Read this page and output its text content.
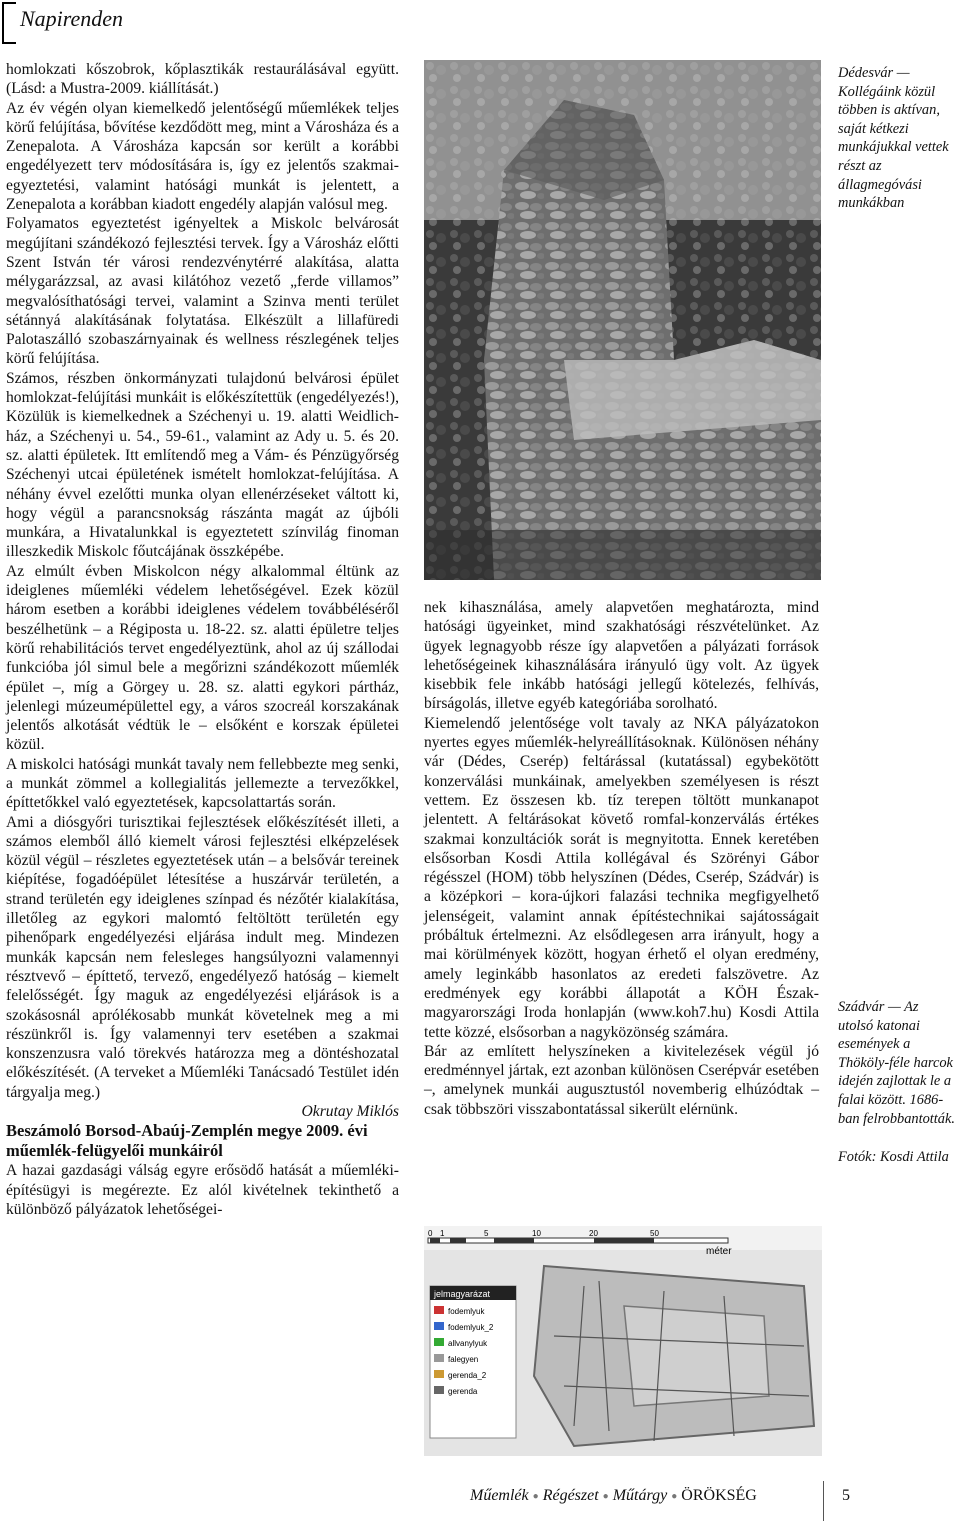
Napirenden

homlokzati kőszobrok, kőplasztikák restaurálásával együtt. (Lásd: a Mustra-2009. kiállítását.)

Az év végén olyan kiemelkedő jelentőségű műemlékek teljes körű felújítása, bővítése kezdődött meg, mint a Városháza és a Zenepalota. A Városháza kapcsán sor került a korábbi engedélyezett terv módosítására is, így ez jelentős szakmai-egyeztetési, valamint hatósági munkát is jelentett, a Zenepalota a korábban kiadott engedély alapján valósul meg.

Folyamatos egyeztetést igényeltek a Miskolc belvárosát megújítani szándékozó fejlesztési tervek. Így a Városház előtti Szent István tér városi rendezvénytérré alakítása, alatta mélygarázzsal, az avasi kilátóhoz vezető „ferde villamos” megvalósíthatósági tervei, valamint a Szinva menti terület sétánnyá alakításának folytatása. Elkészült a lillafüredi Palotaszálló szobaszárnyainak és wellness részlegének teljes körű felújítása.

Számos, részben önkormányzati tulajdonú belvárosi épület homlokzat-felújítási munkáit is előkészítettük (engedélyezés!), Közülük is kiemelkednek a Széchenyi u. 19. alatti Weidlich-ház, a Széchenyi u. 54., 59-61., valamint az Ady u. 5. és 20. sz. alatti épületek. Itt említendő meg a Vám- és Pénzügyőrség Széchenyi utcai épületének ismételt homlokzat-felújítása. A néhány évvel ezelőtti munka olyan ellenérzéseket váltott ki, hogy végül a parancsnokság rászánta magát az újbóli munkára, a Hivatalunkkal is egyeztetett színvilág finoman illeszkedik Miskolc főutcájának összképébe.

Az elmúlt évben Miskolcon négy alkalommal éltünk az ideiglenes műemléki védelem lehetőségével. Ezek közül három esetben a korábbi ideiglenes védelem továbbéléséről beszélhetünk – a Régiposta u. 18-22. sz. alatti épületre teljes körű rehabilitációs tervet engedélyeztünk, ahol az új szállodai funkcióba jól simul bele a megőrizni szándékozott műemlék épület –, míg a Görgey u. 28. sz. alatti egykori pártház, jelenlegi múzeumépülettel egy, a város szocreál korszakának jelentős alkotását védtük le – elsőként e korszak épületei közül.

A miskolci hatósági munkát tavaly nem fellebbezte meg senki, a munkát zömmel a kollegialitás jellemezte a tervezőkkel, építtetőkkel való egyeztetések, kapcsolattartás során.

Ami a diósgyőri turisztikai fejlesztések előkészítését illeti, a számos elemből álló kiemelt városi fejlesztési elképzelések közül végül – részletes egyeztetések után – a belsővár tereinek kiépítése, fogadóépület létesítése a huszárvár területén, a strand területén egy ideiglenes színpad és nézőtér kialakítása, illetőleg az egykori malomtó feltöltött területén egy pihenőpark engedélyezési eljárása indult meg. Mindezen munkák kapcsán nem felesleges hangsúlyozni valamennyi résztvevő – építtető, tervező, engedélyező hatóság – kiemelt felelősségét. Így maguk az engedélyezési eljárások is a szokásosnál aprólékosabb munkát követelnek meg a mi részünkről is. Így valamennyi terv esetében a szakmai konszenzusra való törekvés határozza meg a döntéshozatal előkészítését. (A terveket a Műemléki Tanácsadó Testület idén tárgyalja meg.)

Okrutay Miklós

Beszámoló Borsod-Abaúj-Zemplén megye 2009. évi műemlék-felügyelői munkáiról

A hazai gazdasági válság egyre erősödő hatását a műemléki-építésügyi is megérezte. Ez alól kivételnek tekinthető a különböző pályázatok lehetőségei-

Dédesvár — Kollégáink közül többen is aktívan, saját kétkezi munkájukkal vettek részt az állagmegóvási munkákban
Szádvár — Az utolsó katonai események a Thököly-féle harcok idején zajlottak le a falai között. 1686-ban felrobbantották.
Fotók: Kosdi Attila

nek kihasználása, amely alapvetően meghatározta, mind hatósági ügyeinket, mind szakhatósági részvételünket. Az ügyek legnagyobb része így alapvetően a pályázati források lehetőségeinek kihasználására irányuló ügy volt. Az ügyek kisebbik fele inkább hatósági jellegű kötelezés, felhívás, bírságolás, illetve egyéb kategóriába sorolható.

Kiemelendő jelentősége volt tavaly az NKA pályázatokon nyertes egyes műemlék-helyreállításoknak. Különösen néhány vár (Dédes, Cserép) feltárással (kutatással) egybekötött konzerválási munkáinak, amelyekben személyesen is részt vettem. Ez összesen kb. tíz terepen töltött munkanapot jelentett. A feltárásokat követő romfal-konzerválás értékes szakmai konzultációk sorát is megnyitotta. Ennek keretében elsősorban Kosdi Attila kollégával és Szörényi Gábor régésszel (HOM) több helyszínen (Dédes, Cserép, Szádvár) is a középkori – kora-újkori falazási technika megfigyelhető jelenségeit, valamint annak építéstechnikai sajátosságait próbáltuk értelmezni. Az elsődlegesen arra irányult, hogy a mai körülmények között, hogyan érhető el olyan eredmény, amely leginkább hasonlatos az eredeti falszövetre. Az eredmények egy korábbi állapotát a KÖH Észak-magyarországi Iroda honlapján (www.koh7.hu) Kosdi Attila tette közzé, elsősorban a nagyközönség számára.

Bár az említett helyszíneken a kivitelezések végül jó eredménnyel jártak, ezt azonban különösen Cserépvár esetében –, amelynek munkái augusztustól novemberig elhúzódtak – csak többszöri visszabontatással sikerült elérnünk.

0 1	5	10	20	50
méter
jelmagyarázat
fodemlyuk
fodemlyuk_2
allvanylyuk
falegyen
gerenda_2
gerenda
Műemlék ● Régészet ● Műtárgy ● ÖRÖKSÉG	5
